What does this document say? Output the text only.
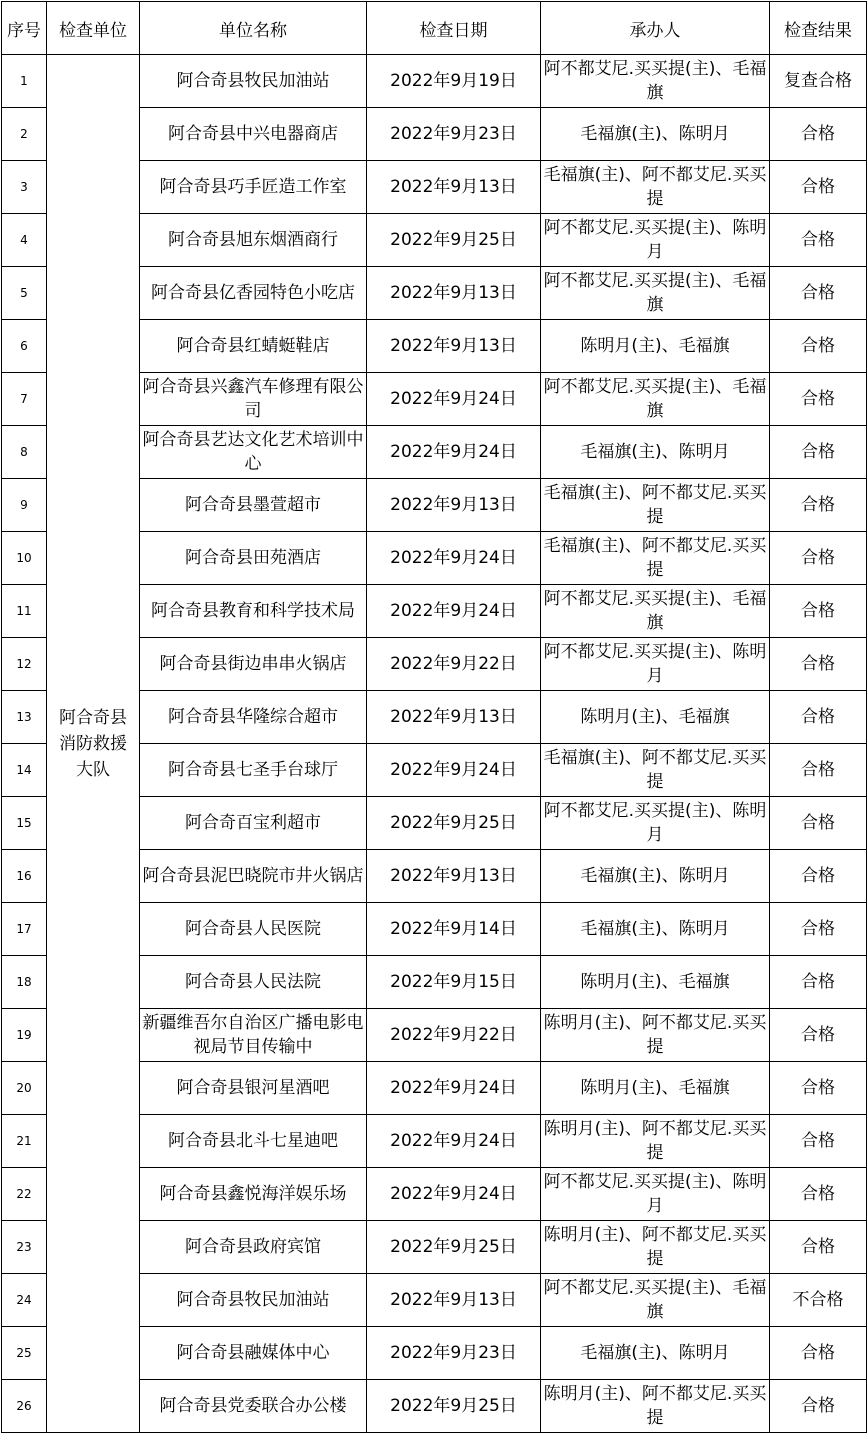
序号	检查单位	单位名称	检查日期	承办人	检查结果
1	阿合奇县消防救援大队	阿合奇县牧民加油站	2022年9月19日	阿不都艾尼.买买提(主)、毛福旗	复查合格
2		阿合奇县中兴电器商店	2022年9月23日	毛福旗(主)、陈明月	合格
3		阿合奇县巧手匠造工作室	2022年9月13日	毛福旗(主)、阿不都艾尼.买买提	合格
4		阿合奇县旭东烟酒商行	2022年9月25日	阿不都艾尼.买买提(主)、陈明月	合格
5		阿合奇县亿香园特色小吃店	2022年9月13日	阿不都艾尼.买买提(主)、毛福旗	合格
6		阿合奇县红蜻蜓鞋店	2022年9月13日	陈明月(主)、毛福旗	合格
7		阿合奇县兴鑫汽车修理有限公司	2022年9月24日	阿不都艾尼.买买提(主)、毛福旗	合格
8		阿合奇县艺达文化艺术培训中心	2022年9月24日	毛福旗(主)、陈明月	合格
9		阿合奇县墨萱超市	2022年9月13日	毛福旗(主)、阿不都艾尼.买买提	合格
10		阿合奇县田苑酒店	2022年9月24日	毛福旗(主)、阿不都艾尼.买买提	合格
11		阿合奇县教育和科学技术局	2022年9月24日	阿不都艾尼.买买提(主)、毛福旗	合格
12		阿合奇县街边串串火锅店	2022年9月22日	阿不都艾尼.买买提(主)、陈明月	合格
13		阿合奇县华隆综合超市	2022年9月13日	陈明月(主)、毛福旗	合格
14		阿合奇县七圣手台球厅	2022年9月24日	毛福旗(主)、阿不都艾尼.买买提	合格
15		阿合奇百宝利超市	2022年9月25日	阿不都艾尼.买买提(主)、陈明月	合格
16		阿合奇县泥巴晓院市井火锅店	2022年9月13日	毛福旗(主)、陈明月	合格
17		阿合奇县人民医院	2022年9月14日	毛福旗(主)、陈明月	合格
18		阿合奇县人民法院	2022年9月15日	陈明月(主)、毛福旗	合格
19		新疆维吾尔自治区广播电影电视局节目传输中	2022年9月22日	陈明月(主)、阿不都艾尼.买买提	合格
20		阿合奇县银河星酒吧	2022年9月24日	陈明月(主)、毛福旗	合格
21		阿合奇县北斗七星迪吧	2022年9月24日	陈明月(主)、阿不都艾尼.买买提	合格
22		阿合奇县鑫悦海洋娱乐场	2022年9月24日	阿不都艾尼.买买提(主)、陈明月	合格
23		阿合奇县政府宾馆	2022年9月25日	陈明月(主)、阿不都艾尼.买买提	合格
24		阿合奇县牧民加油站	2022年9月13日	阿不都艾尼.买买提(主)、毛福旗	不合格
25		阿合奇县融媒体中心	2022年9月23日	毛福旗(主)、陈明月	合格
26		阿合奇县党委联合办公楼	2022年9月25日	陈明月(主)、阿不都艾尼.买买提	合格
